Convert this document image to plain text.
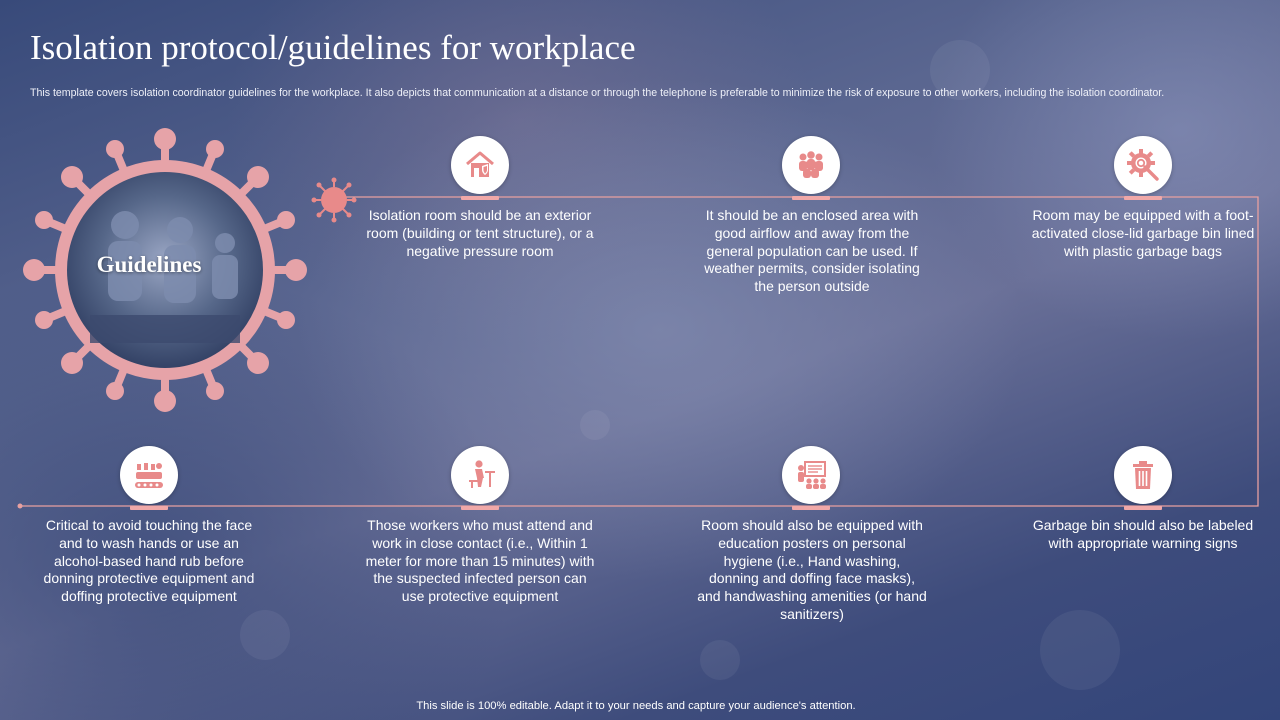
Isolation protocol/guidelines for workplace

This template covers isolation coordinator guidelines for the workplace. It also depicts that communication at a distance or through the telephone is preferable to minimize the risk of exposure to other workers, including the isolation coordinator.

Guidelines

Isolation room should be an exterior room (building or tent structure), or a negative pressure room

It should be an enclosed area with good airflow and away from the general population can be used. If weather permits, consider isolating the person outside

Room may be equipped with a foot-activated close-lid garbage bin lined with plastic garbage bags

Critical to avoid touching the face and to wash hands or use an alcohol-based hand rub before donning protective equipment and doffing protective equipment

Those workers who must attend and work in close contact (i.e., Within 1 meter for more than 15 minutes) with the suspected infected person can use protective equipment

Room should also be equipped with education posters on personal hygiene (i.e., Hand washing, donning and doffing face masks), and handwashing amenities (or hand sanitizers)

Garbage bin should also be labeled with appropriate warning signs

This slide is 100% editable. Adapt it to your needs and capture your audience's attention.
